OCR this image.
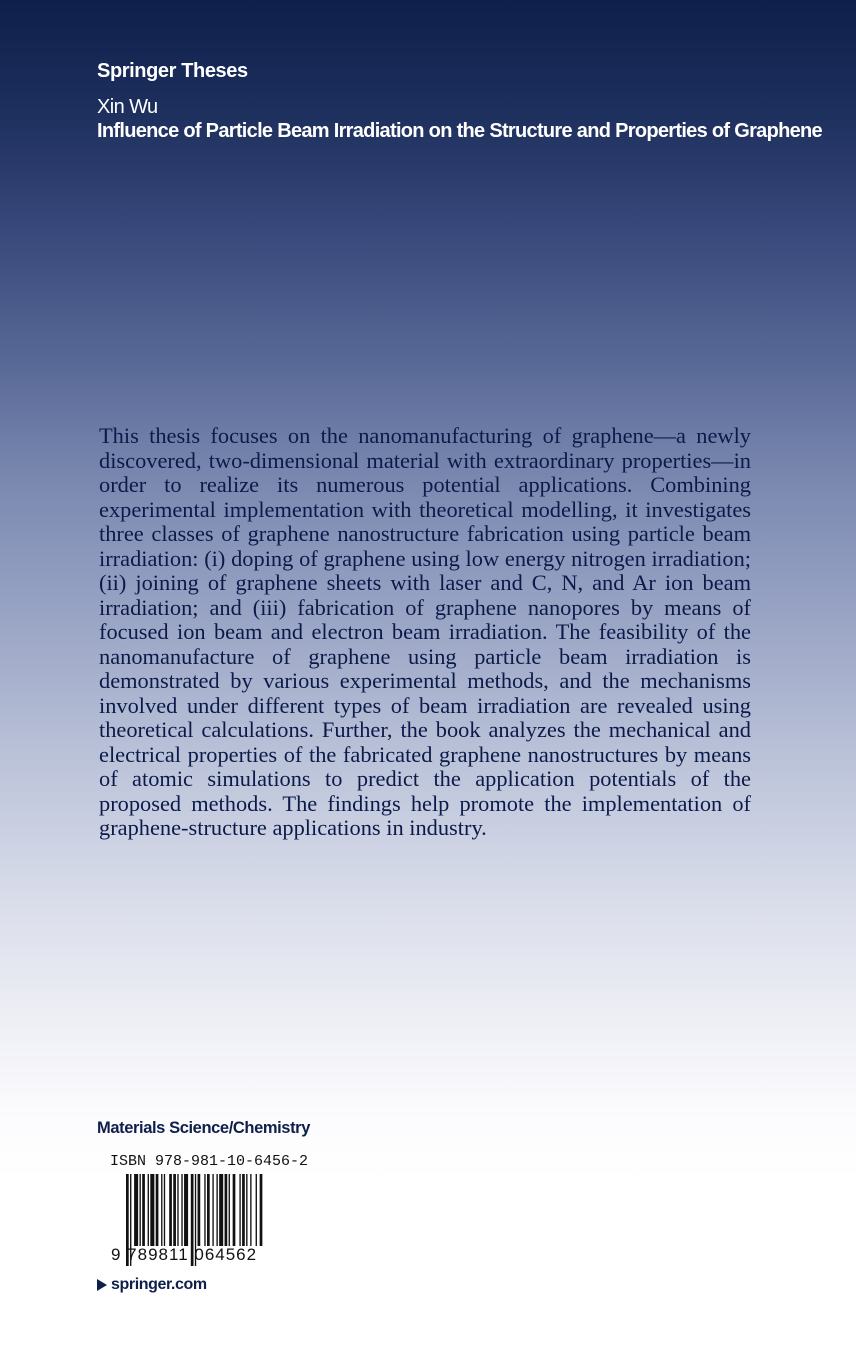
Springer Theses
Xin Wu
Influence of Particle Beam Irradiation on the Structure and Properties of Graphene

This thesis focuses on the nanomanufacturing of graphene—a newly discovered, two-dimensional material with extraordinary properties—in order to realize its numerous potential applications. Combining experimental implementation with theoretical modelling, it investigates three classes of graphene nanostructure fabrication using particle beam irradiation: (i) doping of graphene using low energy nitrogen irradiation; (ii) joining of graphene sheets with laser and C, N, and Ar ion beam irradiation; and (iii) fabrication of graphene nanopores by means of focused ion beam and electron beam irradiation. The feasibility of the nanomanufacture of graphene using particle beam irradiation is demonstrated by various experimental methods, and the mechanisms involved under different types of beam irradiation are revealed using theoretical calculations. Further, the book analyzes the mechanical and electrical properties of the fabricated graphene nanostructures by means of atomic simulations to predict the application potentials of the proposed methods. The findings help promote the implementation of graphene-structure applications in industry.

Materials Science/Chemistry
ISBN 978-981-10-6456-2
9 789811 064562
springer.com
